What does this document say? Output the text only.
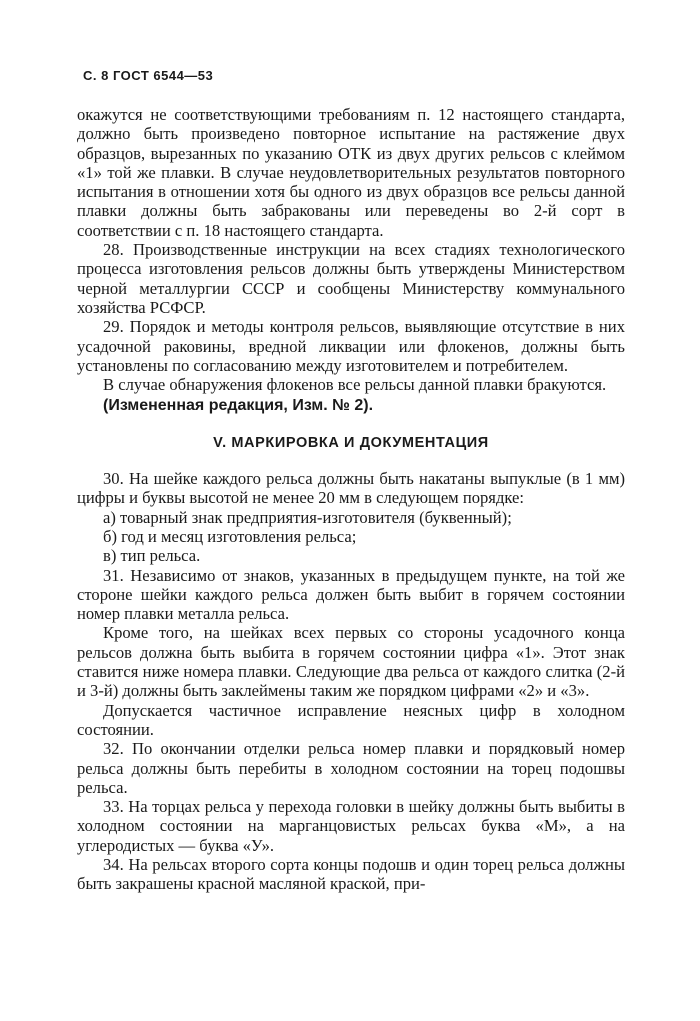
С. 8 ГОСТ 6544—53

окажутся не соответствующими требованиям п. 12 настоящего стандарта, должно быть произведено повторное испытание на растяжение двух образцов, вырезанных по указанию ОТК из двух других рельсов с клеймом «1» той же плавки. В случае неудовлетворительных результатов повторного испытания в отношении хотя бы одного из двух образцов все рельсы данной плавки должны быть забракованы или переведены во 2-й сорт в соответствии с п. 18 настоящего стандарта.

28. Производственные инструкции на всех стадиях технологического процесса изготовления рельсов должны быть утверждены Министерством черной металлургии СССР и сообщены Министерству коммунального хозяйства РСФСР.

29. Порядок и методы контроля рельсов, выявляющие отсутствие в них усадочной раковины, вредной ликвации или флокенов, должны быть установлены по согласованию между изготовителем и потребителем.

В случае обнаружения флокенов все рельсы данной плавки бракуются.

(Измененная редакция, Изм. № 2).
V. МАРКИРОВКА И ДОКУМЕНТАЦИЯ

30. На шейке каждого рельса должны быть накатаны выпуклые (в 1 мм) цифры и буквы высотой не менее 20 мм в следующем порядке:

а) товарный знак предприятия-изготовителя (буквенный);

б) год и месяц изготовления рельса;

в) тип рельса.

31. Независимо от знаков, указанных в предыдущем пункте, на той же стороне шейки каждого рельса должен быть выбит в горячем состоянии номер плавки металла рельса.

Кроме того, на шейках всех первых со стороны усадочного конца рельсов должна быть выбита в горячем состоянии цифра «1». Этот знак ставится ниже номера плавки. Следующие два рельса от каждого слитка (2-й и 3-й) должны быть заклеймены таким же порядком цифрами «2» и «3».

Допускается частичное исправление неясных цифр в холодном состоянии.

32. По окончании отделки рельса номер плавки и порядковый номер рельса должны быть перебиты в холодном состоянии на торец подошвы рельса.

33. На торцах рельса у перехода головки в шейку должны быть выбиты в холодном состоянии на марганцовистых рельсах буква «М», а на углеродистых — буква «У».

34. На рельсах второго сорта концы подошв и один торец рельса должны быть закрашены красной масляной краской, при-
